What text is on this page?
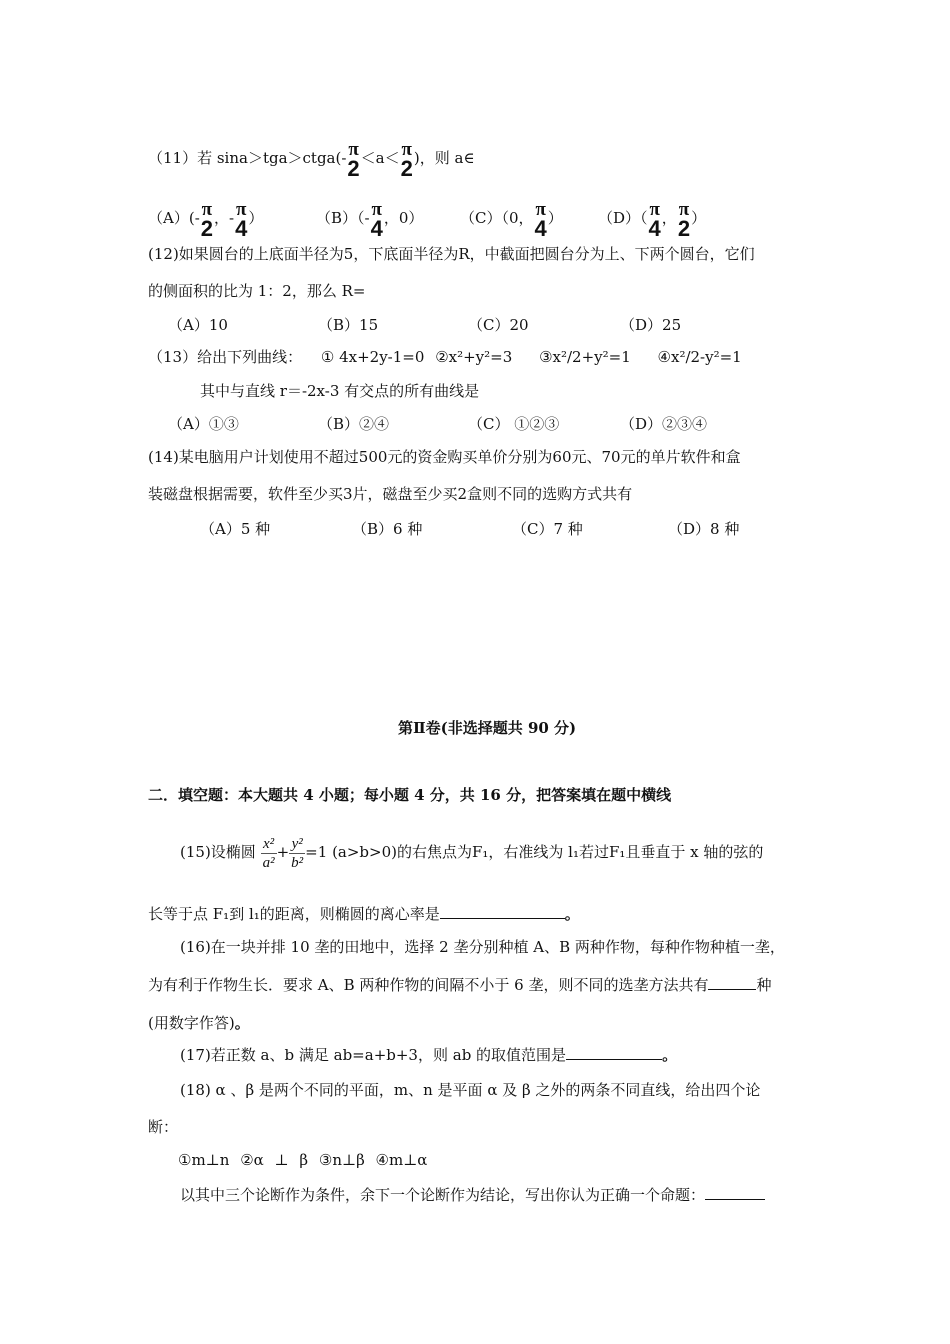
（11）若 sina＞tga＞ctga(- π
2 ＜a＜ π
2 )，则 a∈
（A）(- π
2 ，- π
4 ）	（B）（- π
4 ，0） （C）（0， π
4 ） （D）（ π
4 ， π
2 ）
(12)如果圆台的上底面半径为5，下底面半径为R，中截面把圆台分为上、下两个圆台，它们
的侧面积的比为 1：2，那么 R=
（A）10	（B）15	（C）20	（D）25
（13）给出下列曲线： ① 4x+2y-1=0 ②x²+y²=3 ③x²/2+y²=1 ④x²/2-y²=1
其中与直线 r＝-2x-3 有交点的所有曲线是
（A）①③	（B）②④	（C） ①②③	（D）②③④
(14)某电脑用户计划使用不超过500元的资金购买单价分别为60元、70元的单片软件和盒
装磁盘根据需要，软件至少买3片，磁盘至少买2盒则不同的选购方式共有
（A）5 种	（B）6 种	（C）7 种	（D）8 种
第Ⅱ卷(非选择题共 90 分)
二．填空题：本大题共 4 小题；每小题 4 分，共 16 分，把答案填在题中横线
(15)设椭圆 $\frac{\text{x²}}{\text{a²}} + \frac{\text{y²}}{\text{b²}} =1$ (a>b>0)的右焦点为F₁，右准线为 l₁若过F₁且垂直于 x 轴的弦的
长等于点 F₁到 l₁的距离，则椭圆的离心率是	。
(16)在一块并排 10 垄的田地中，选择 2 垄分别种植 A、B 两种作物，每种作物种植一垄，
为有利于作物生长．要求 A、B 两种作物的间隔不小于 6 垄，则不同的选垄方法共有	种
(用数字作答)。
(17)若正数 a、b 满足 ab=a+b+3，则 ab 的取值范围是	。
(18) α 、β 是两个不同的平面，m、n 是平面 α 及 β 之外的两条不同直线，给出四个论
断：
①m⊥n ②α ⊥ β ③n⊥β ④m⊥α
以其中三个论断作为条件，余下一个论断作为结论，写出你认为正确一个命题：
